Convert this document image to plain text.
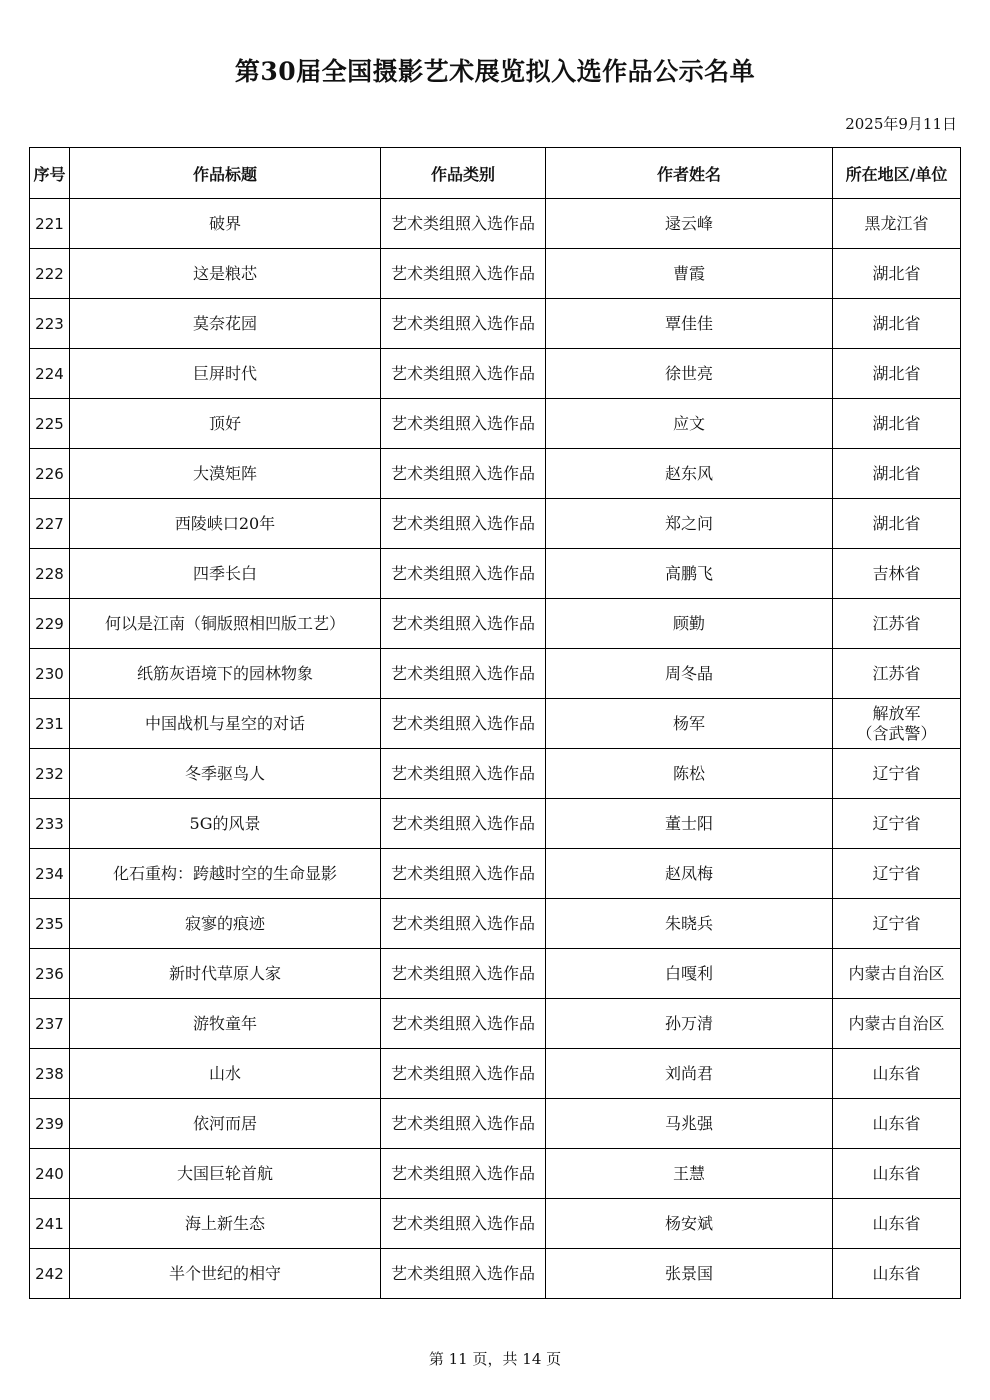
第30届全国摄影艺术展览拟入选作品公示名单
2025年9月11日
序号	作品标题	作品类别	作者姓名	所在地区/单位
221	破界	艺术类组照入选作品	逯云峰	黑龙江省
222	这是粮芯	艺术类组照入选作品	曹霞	湖北省
223	莫奈花园	艺术类组照入选作品	覃佳佳	湖北省
224	巨屏时代	艺术类组照入选作品	徐世亮	湖北省
225	顶好	艺术类组照入选作品	应文	湖北省
226	大漠矩阵	艺术类组照入选作品	赵东风	湖北省
227	西陵峡口20年	艺术类组照入选作品	郑之问	湖北省
228	四季长白	艺术类组照入选作品	高鹏飞	吉林省
229	何以是江南（铜版照相凹版工艺）	艺术类组照入选作品	顾勤	江苏省
230	纸筋灰语境下的园林物象	艺术类组照入选作品	周冬晶	江苏省
231	中国战机与星空的对话	艺术类组照入选作品	杨军	解放军
（含武警）
232	冬季驱鸟人	艺术类组照入选作品	陈松	辽宁省
233	5G的风景	艺术类组照入选作品	董士阳	辽宁省
234	化石重构：跨越时空的生命显影	艺术类组照入选作品	赵凤梅	辽宁省
235	寂寥的痕迹	艺术类组照入选作品	朱晓兵	辽宁省
236	新时代草原人家	艺术类组照入选作品	白嘎利	内蒙古自治区
237	游牧童年	艺术类组照入选作品	孙万清	内蒙古自治区
238	山水	艺术类组照入选作品	刘尚君	山东省
239	依河而居	艺术类组照入选作品	马兆强	山东省
240	大国巨轮首航	艺术类组照入选作品	王慧	山东省
241	海上新生态	艺术类组照入选作品	杨安斌	山东省
242	半个世纪的相守	艺术类组照入选作品	张景国	山东省
第 11 页，共 14 页
